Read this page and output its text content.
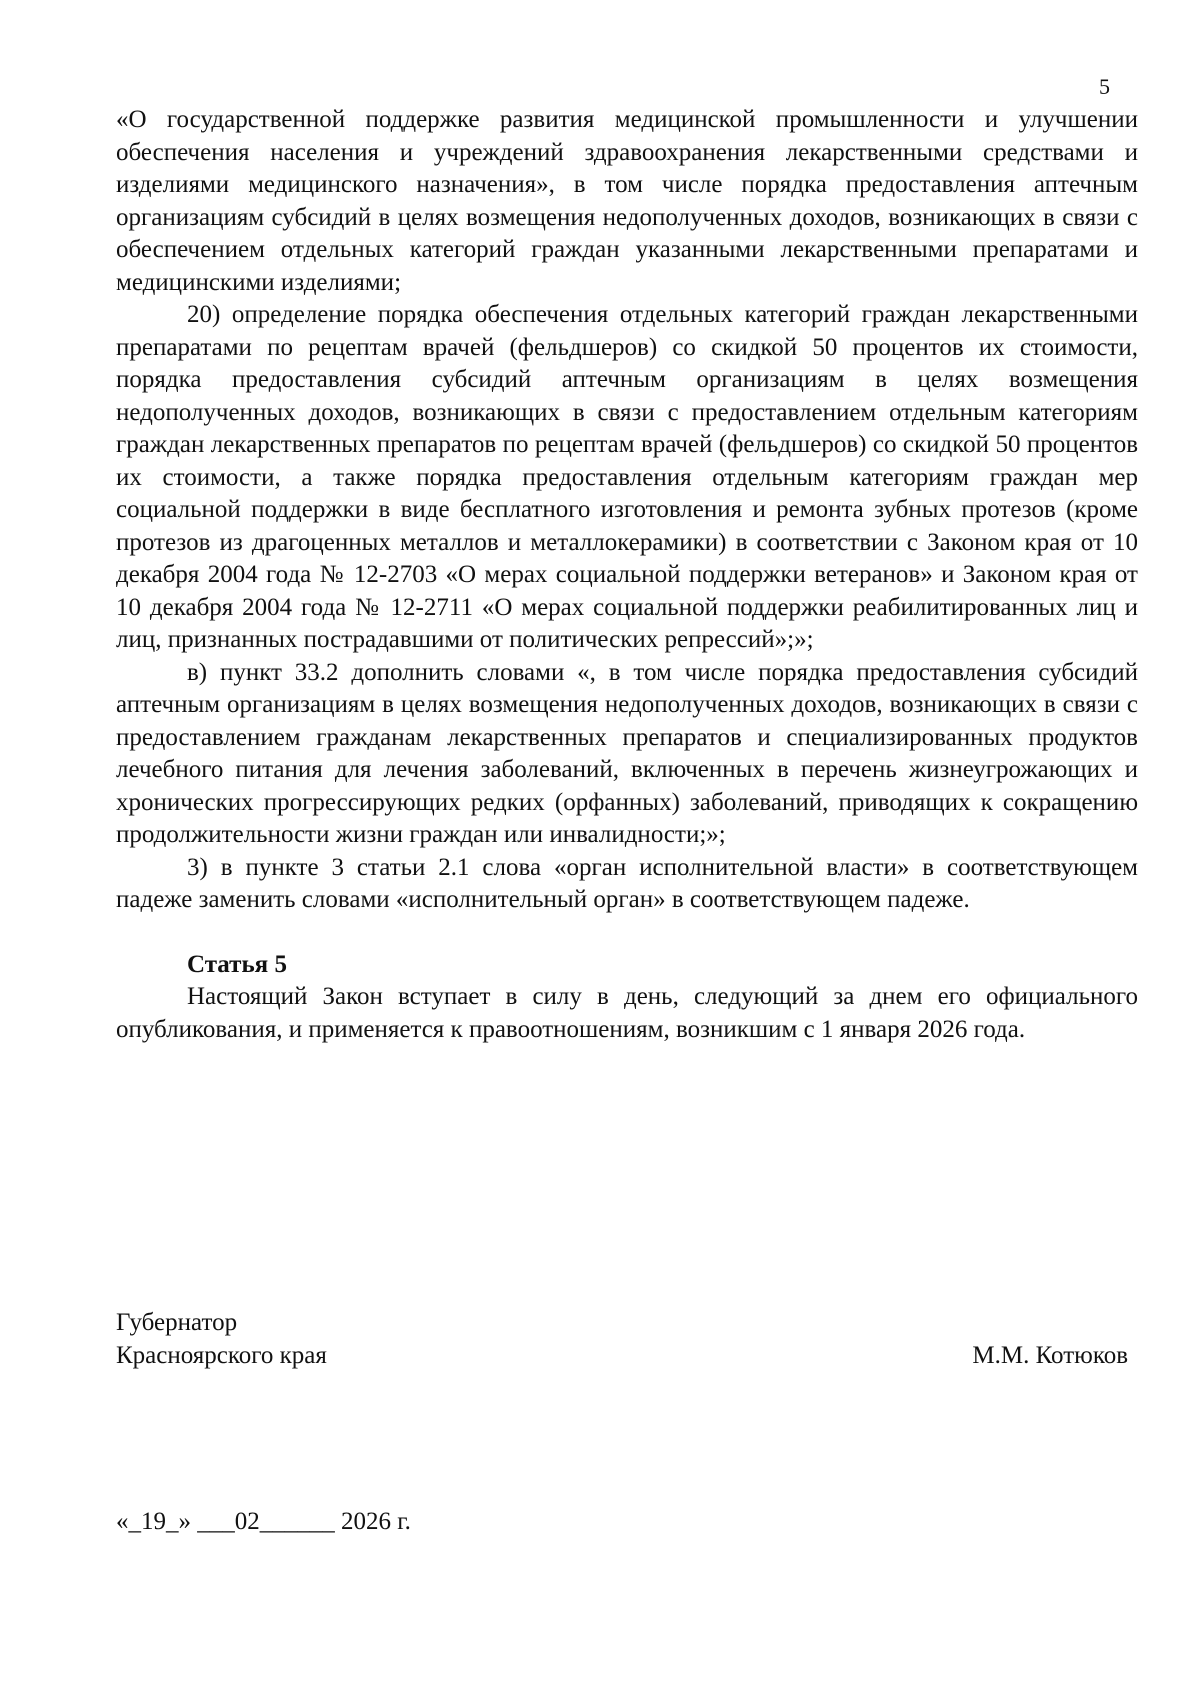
5

«О государственной поддержке развития медицинской промышленности и улучшении обеспечения населения и учреждений здравоохранения лекарственными средствами и изделиями медицинского назначения», в том числе порядка предоставления аптечным организациям субсидий в целях возмещения недополученных доходов, возникающих в связи с обеспечением отдельных категорий граждан указанными лекарственными препаратами и медицинскими изделиями;

20) определение порядка обеспечения отдельных категорий граждан лекарственными препаратами по рецептам врачей (фельдшеров) со скидкой 50 процентов их стоимости, порядка предоставления субсидий аптечным организациям в целях возмещения недополученных доходов, возникающих в связи с предоставлением отдельным категориям граждан лекарственных препаратов по рецептам врачей (фельдшеров) со скидкой 50 процентов их стоимости, а также порядка предоставления отдельным категориям граждан мер социальной поддержки в виде бесплатного изготовления и ремонта зубных протезов (кроме протезов из драгоценных металлов и металлокерамики) в соответствии с Законом края от 10 декабря 2004 года № 12-2703 «О мерах социальной поддержки ветеранов» и Законом края от 10 декабря 2004 года № 12-2711 «О мерах социальной поддержки реабилитированных лиц и лиц, признанных пострадавшими от политических репрессий»;»;

в) пункт 33.2 дополнить словами «, в том числе порядка предоставления субсидий аптечным организациям в целях возмещения недополученных доходов, возникающих в связи с предоставлением гражданам лекарственных препаратов и специализированных продуктов лечебного питания для лечения заболеваний, включенных в перечень жизнеугрожающих и хронических прогрессирующих редких (орфанных) заболеваний, приводящих к сокращению продолжительности жизни граждан или инвалидности;»;

3) в пункте 3 статьи 2.1 слова «орган исполнительной власти» в соответствующем падеже заменить словами «исполнительный орган» в соответствующем падеже.

Статья 5

Настоящий Закон вступает в силу в день, следующий за днем его официального опубликования, и применяется к правоотношениям, возникшим с 1 января 2026 года.

Губернатор
Красноярского края	М.М. Котюков
«_19_» ___02______ 2026 г.
